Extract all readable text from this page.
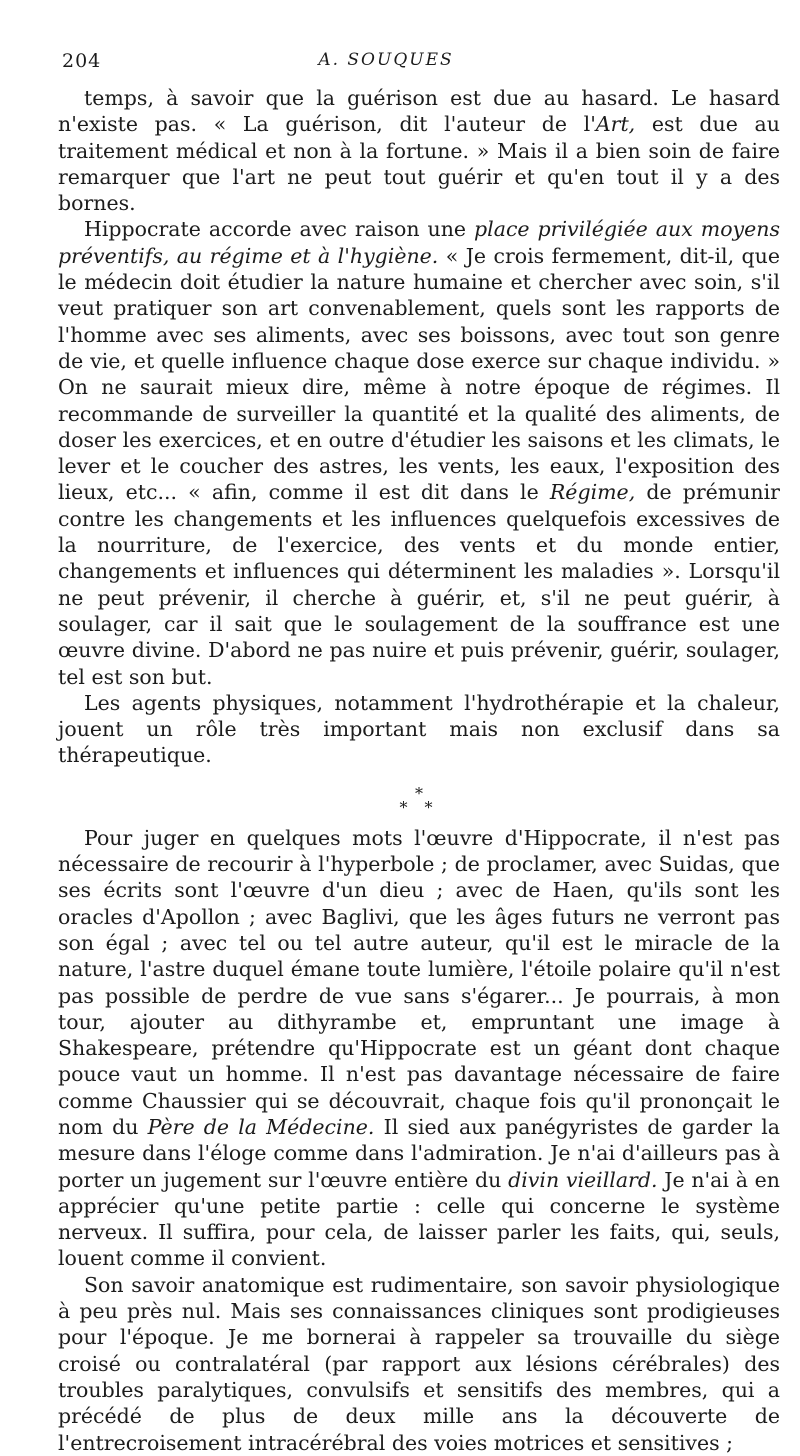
204	A. SOUQUES

temps, à savoir que la guérison est due au hasard. Le hasard n'existe pas. « La guérison, dit l'auteur de l'Art, est due au traitement médical et non à la fortune. » Mais il a bien soin de faire remarquer que l'art ne peut tout guérir et qu'en tout il y a des bornes.

Hippocrate accorde avec raison une place privilégiée aux moyens préventifs, au régime et à l'hygiène. « Je crois fermement, dit-il, que le médecin doit étudier la nature humaine et chercher avec soin, s'il veut pratiquer son art convenablement, quels sont les rapports de l'homme avec ses aliments, avec ses boissons, avec tout son genre de vie, et quelle influence chaque dose exerce sur chaque individu. » On ne saurait mieux dire, même à notre époque de régimes. Il recommande de surveiller la quantité et la qualité des aliments, de doser les exercices, et en outre d'étudier les saisons et les climats, le lever et le coucher des astres, les vents, les eaux, l'exposition des lieux, etc... « afin, comme il est dit dans le Régime, de prémunir contre les changements et les influences quelquefois excessives de la nourriture, de l'exercice, des vents et du monde entier, changements et influences qui déterminent les maladies ». Lorsqu'il ne peut prévenir, il cherche à guérir, et, s'il ne peut guérir, à soulager, car il sait que le soulagement de la souffrance est une œuvre divine. D'abord ne pas nuire et puis prévenir, guérir, soulager, tel est son but.

Les agents physiques, notamment l'hydrothérapie et la chaleur, jouent un rôle très important mais non exclusif dans sa thérapeutique.

*
* *

Pour juger en quelques mots l'œuvre d'Hippocrate, il n'est pas nécessaire de recourir à l'hyperbole ; de proclamer, avec Suidas, que ses écrits sont l'œuvre d'un dieu ; avec de Haen, qu'ils sont les oracles d'Apollon ; avec Baglivi, que les âges futurs ne verront pas son égal ; avec tel ou tel autre auteur, qu'il est le miracle de la nature, l'astre duquel émane toute lumière, l'étoile polaire qu'il n'est pas possible de perdre de vue sans s'égarer... Je pourrais, à mon tour, ajouter au dithyrambe et, empruntant une image à Shakespeare, prétendre qu'Hippocrate est un géant dont chaque pouce vaut un homme. Il n'est pas davantage nécessaire de faire comme Chaussier qui se découvrait, chaque fois qu'il prononçait le nom du Père de la Médecine. Il sied aux panégyristes de garder la mesure dans l'éloge comme dans l'admiration. Je n'ai d'ailleurs pas à porter un jugement sur l'œuvre entière du divin vieillard. Je n'ai à en apprécier qu'une petite partie : celle qui concerne le système nerveux. Il suffira, pour cela, de laisser parler les faits, qui, seuls, louent comme il convient.

Son savoir anatomique est rudimentaire, son savoir physiologique à peu près nul. Mais ses connaissances cliniques sont prodigieuses pour l'époque. Je me bornerai à rappeler sa trouvaille du siège croisé ou contralatéral (par rapport aux lésions cérébrales) des troubles paralytiques, convulsifs et sensitifs des membres, qui a précédé de plus de deux mille ans la découverte de l'entrecroisement intracérébral des voies motrices et sensitives ;
